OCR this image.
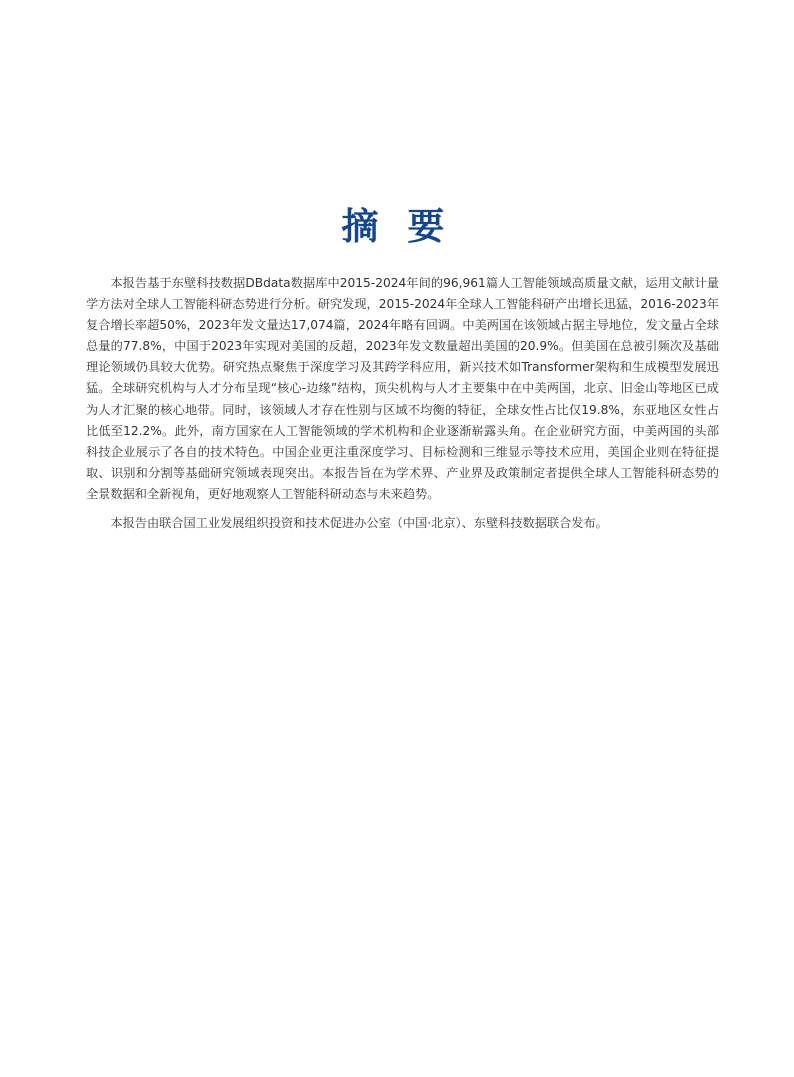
摘 要

本报告基于东壁科技数据DBdata数据库中2015-2024年间的96,961篇人工智能领域高质量文献，运用文献计量学方法对全球人工智能科研态势进行分析。研究发现，2015-2024年全球人工智能科研产出增长迅猛，2016-2023年复合增长率超50%，2023年发文量达17,074篇，2024年略有回调。中美两国在该领域占据主导地位，发文量占全球总量的77.8%，中国于2023年实现对美国的反超，2023年发文数量超出美国的20.9%。但美国在总被引频次及基础理论领域仍具较大优势。研究热点聚焦于深度学习及其跨学科应用，新兴技术如Transformer架构和生成模型发展迅猛。全球研究机构与人才分布呈现“核心-边缘”结构，顶尖机构与人才主要集中在中美两国，北京、旧金山等地区已成为人才汇聚的核心地带。同时，该领域人才存在性别与区域不均衡的特征，全球女性占比仅19.8%，东亚地区女性占比低至12.2%。此外，南方国家在人工智能领域的学术机构和企业逐渐崭露头角。在企业研究方面，中美两国的头部科技企业展示了各自的技术特色。中国企业更注重深度学习、目标检测和三维显示等技术应用，美国企业则在特征提取、识别和分割等基础研究领域表现突出。本报告旨在为学术界、产业界及政策制定者提供全球人工智能科研态势的全景数据和全新视角，更好地观察人工智能科研动态与未来趋势。

本报告由联合国工业发展组织投资和技术促进办公室（中国·北京）、东壁科技数据联合发布。
